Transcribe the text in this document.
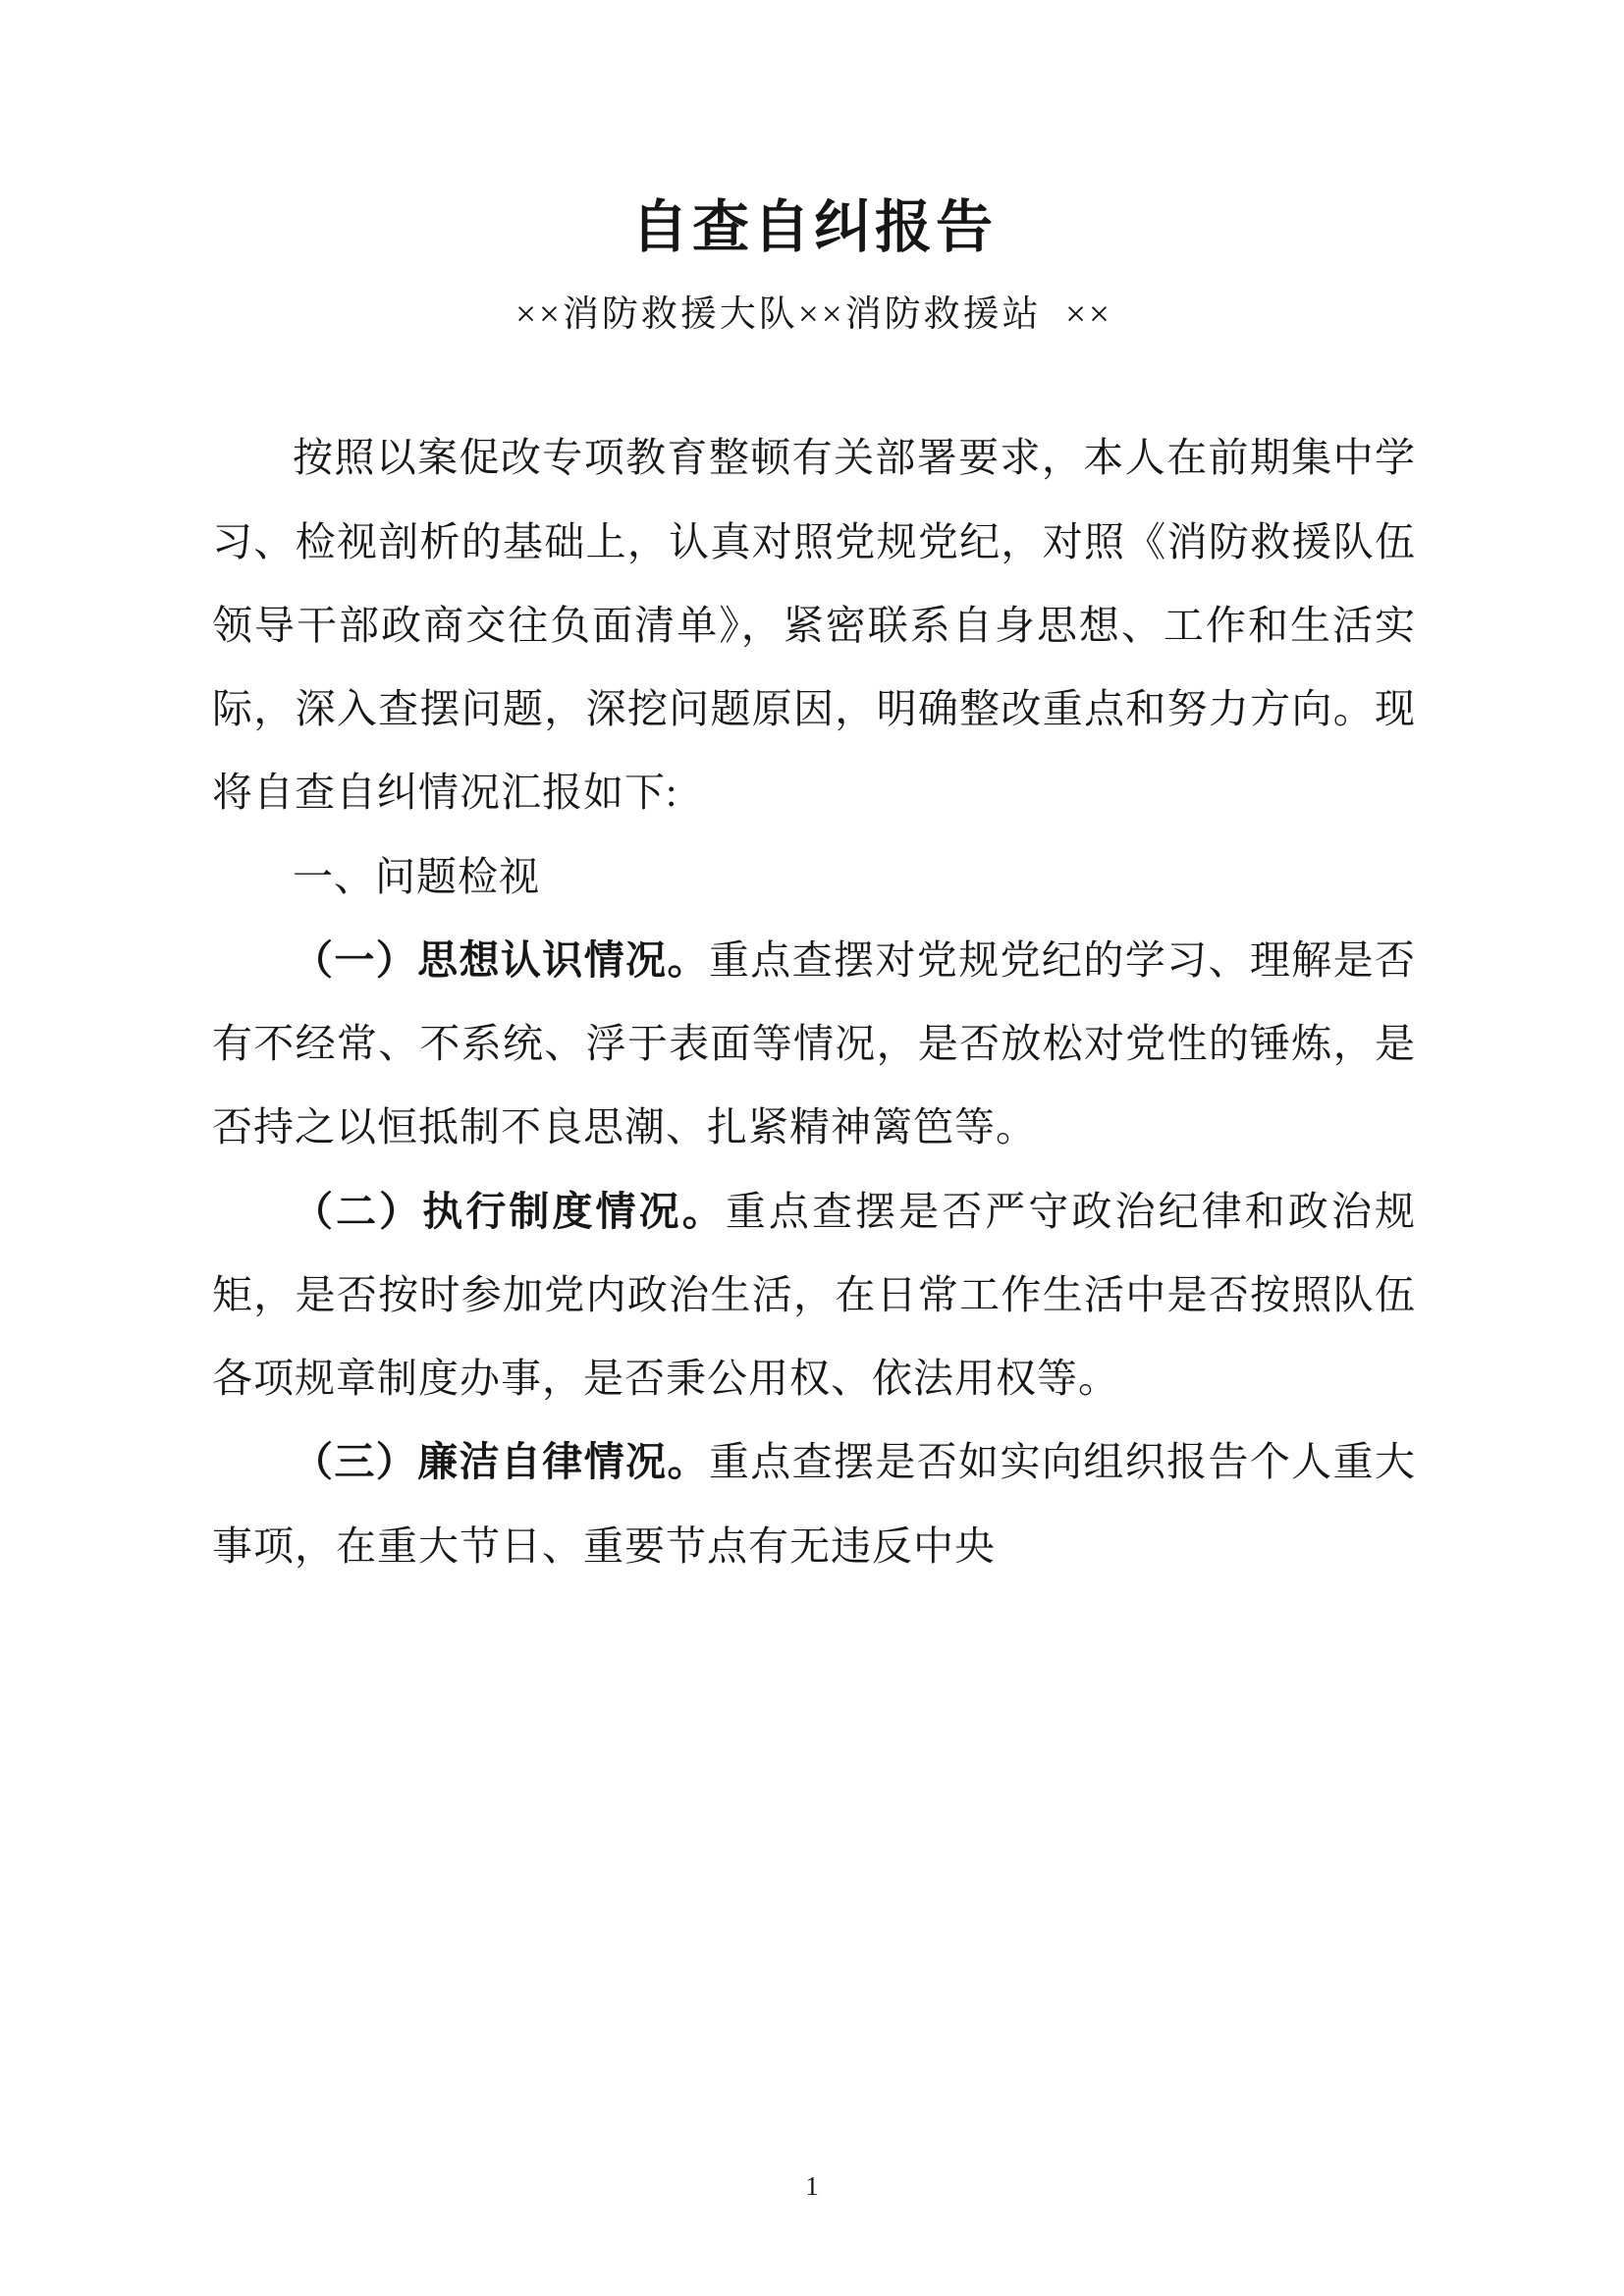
自查自纠报告
××消防救援大队××消防救援站  ××

按照以案促改专项教育整顿有关部署要求，本人在前期集中学习、检视剖析的基础上，认真对照党规党纪，对照《消防救援队伍领导干部政商交往负面清单》，紧密联系自身思想、工作和生活实际，深入查摆问题，深挖问题原因，明确整改重点和努力方向。现将自查自纠情况汇报如下:

一、问题检视

（一）思想认识情况。重点查摆对党规党纪的学习、理解是否有不经常、不系统、浮于表面等情况，是否放松对党性的锤炼，是否持之以恒抵制不良思潮、扎紧精神篱笆等。

（二）执行制度情况。重点查摆是否严守政治纪律和政治规矩，是否按时参加党内政治生活，在日常工作生活中是否按照队伍各项规章制度办事，是否秉公用权、依法用权等。

（三）廉洁自律情况。重点查摆是否如实向组织报告个人重大事项，在重大节日、重要节点有无违反中央

1
